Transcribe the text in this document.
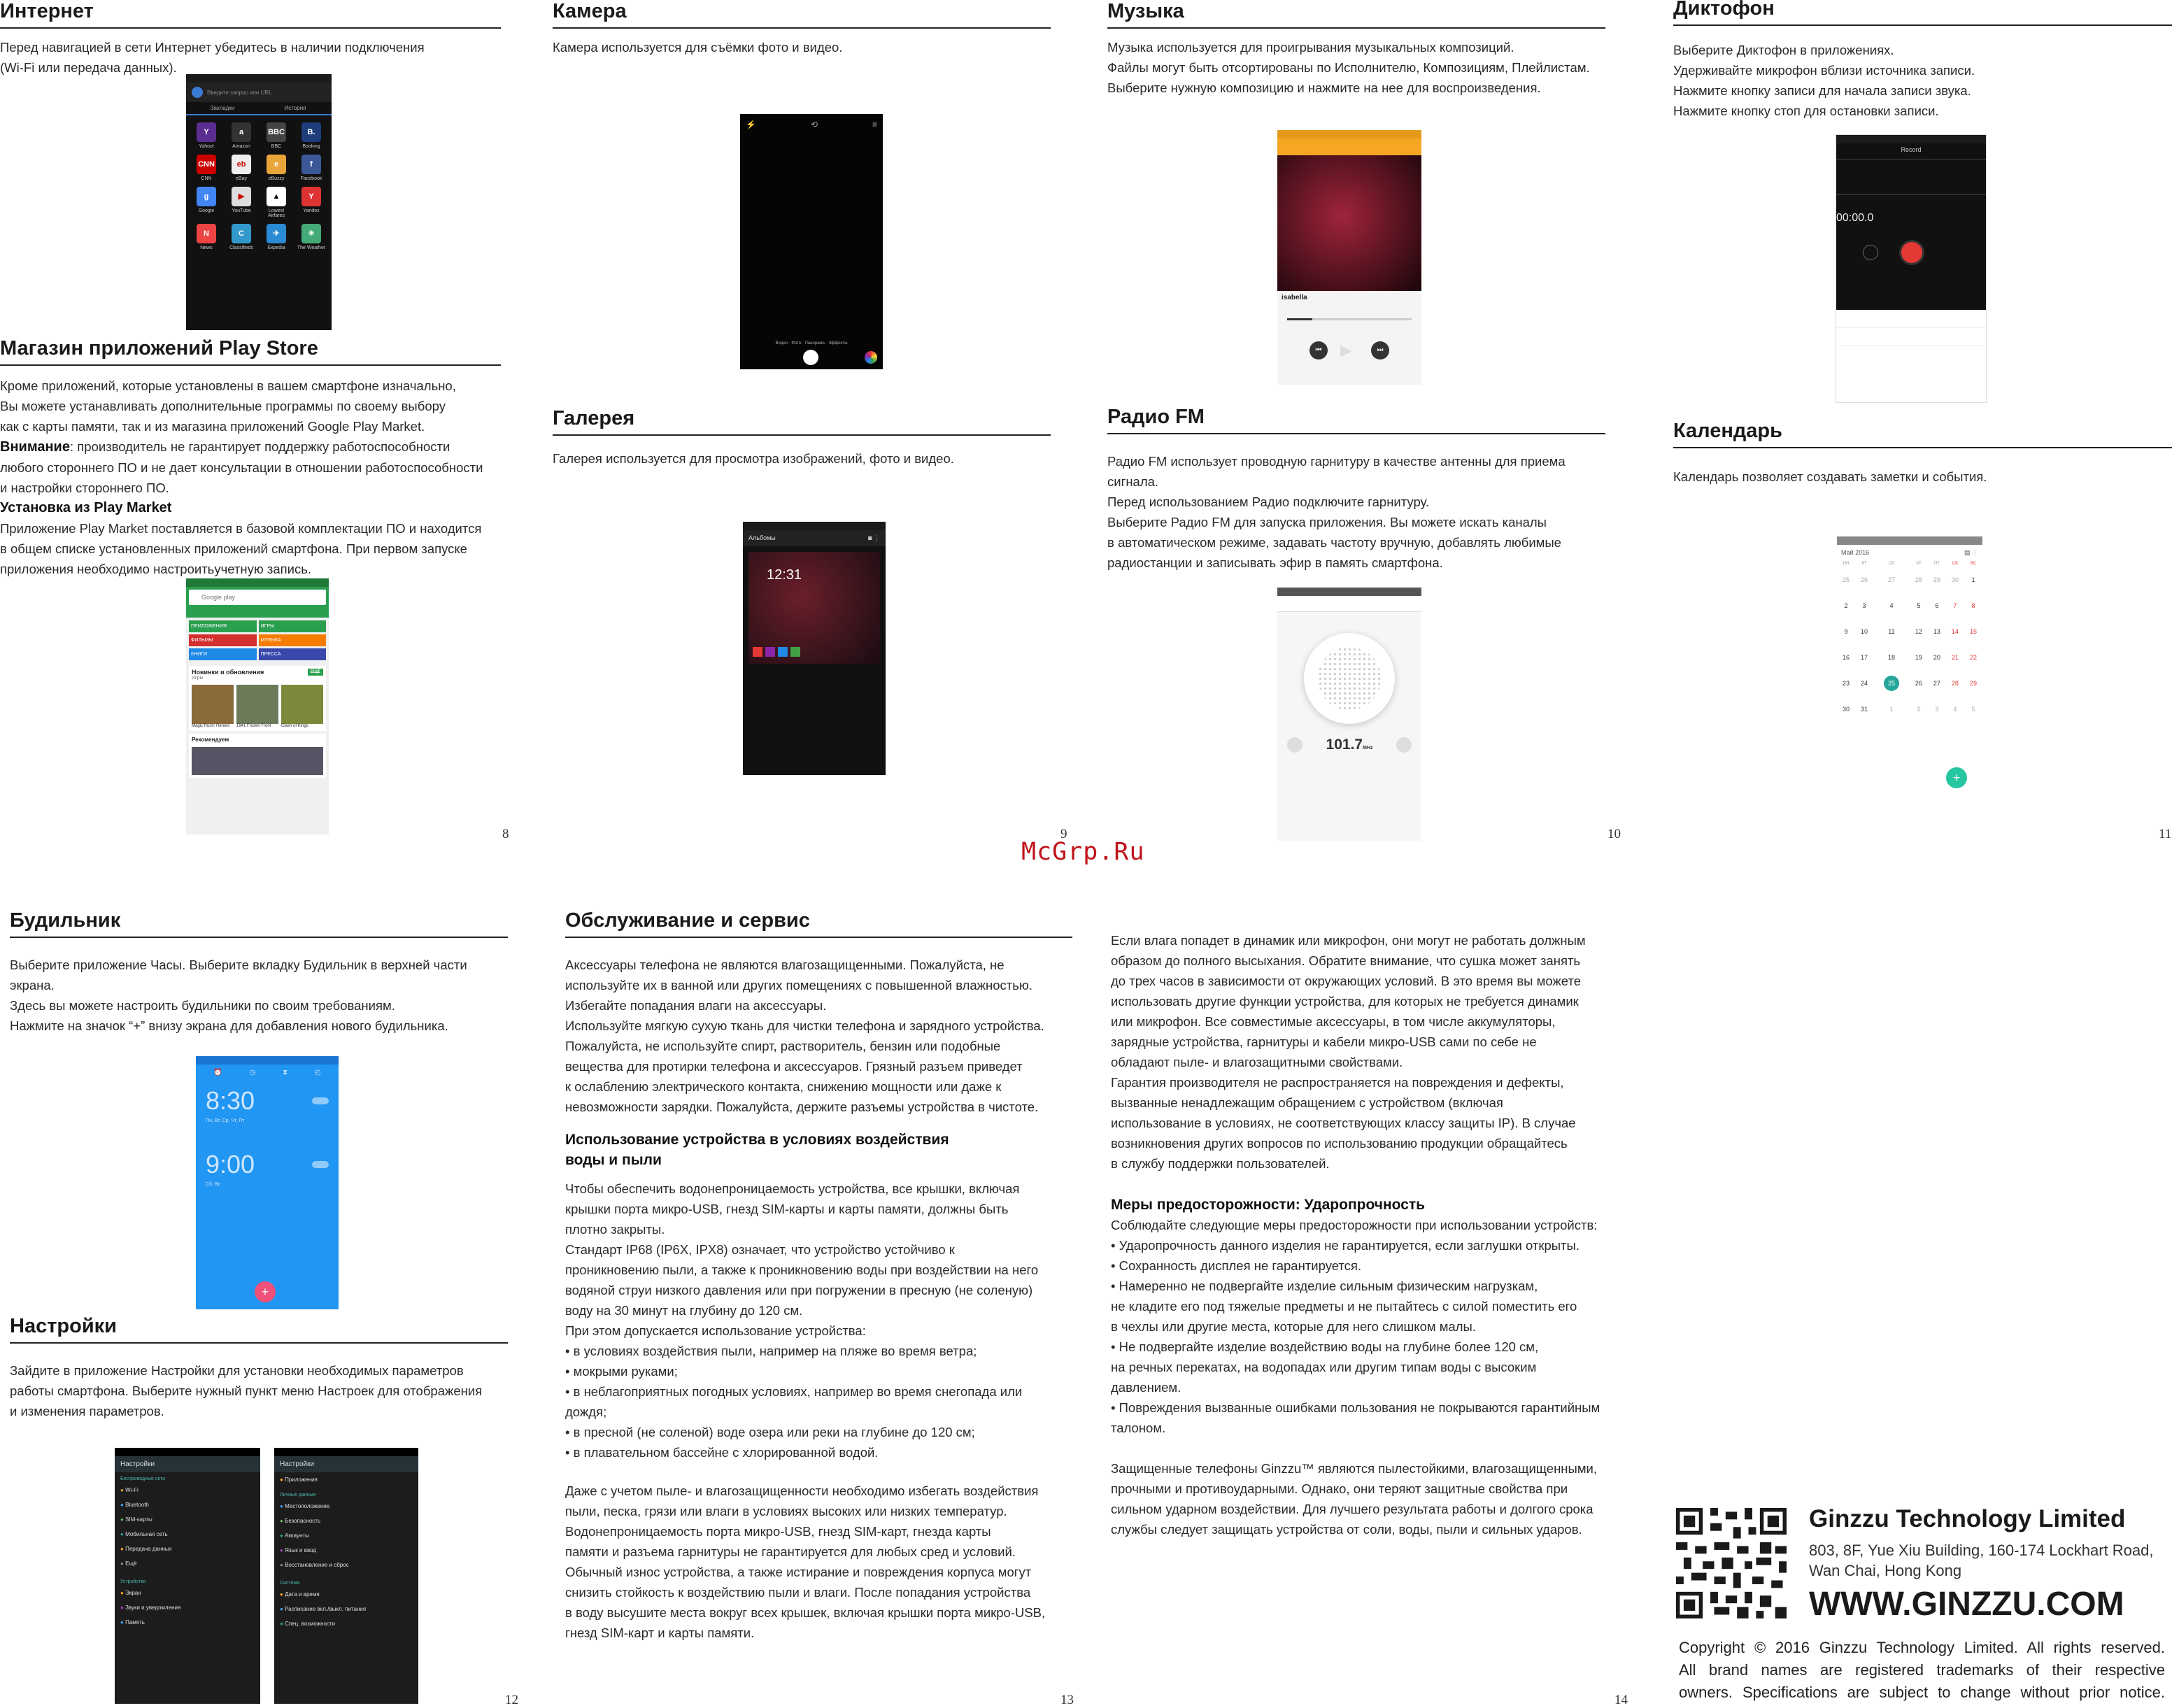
Интернет

Перед навигацией в сети Интернет убедитесь в наличии подключения

(Wi-Fi или передача данных).

Введите запрос или URL
Закладки	История
Y
Yahoo!
a
Amazon
BBC
BBC
B.
Booking
CNN
CNN
eb
eBay
e
eBuzzy
f
Facebook
g
Google
▶
YouTube
▲
Lowest Airfares
Y
Yandex
N
News
C
Classifieds
✈
Expedia
☀
The Weather
Магазин приложений Play Store

Кроме приложений, которые установлены в вашем смартфоне изначально,

Вы можете устанавливать дополнительные программы по своему выбору

как с карты памяти, так и из магазина приложений Google Play Market.

Внимание: производитель не гарантирует поддержку работоспособности

любого стороннего ПО и не дает консультации в отношении работоспособности

и настройки стороннего ПО.

Установка из Play Market

Приложение Play Market поставляется в базовой комплектации ПО и находится

в общем списке установленных приложений смартфона. При первом запуске

приложения необходимо настроитьучетную запись.

Google play
ПРИЛОЖЕНИЯ	ИГРЫ
ФИЛЬМЫ	МУЗЫКА
КНИГИ	ПРЕССА
Новинки и обновления	ЕЩЁ
Игры
Magic Rush: Heroes	1941 Frozen Front	Clash of Kings
Рекомендуем
8
Камера

Камера используется для съёмки фото и видео.

⚡	⟲	≡
Видео · Фото · Панорама · Эффекты
Галерея

Галерея используется для просмотра изображений, фото и видео.

Альбомы	◙ ⋮
12:31
9
Музыка

Музыка используется для проигрывания музыкальных композиций.

Файлы могут быть отсортированы по Исполнителю, Композициям, Плейлистам.

Выберите нужную композицию и нажмите на нее для воспроизведения.

isabella
⏮	▶	⏭
Радио FM

Радио FM использует проводную гарнитуру в качестве антенны для приема

сигнала.

Перед использованием Радио подключите гарнитуру.

Выберите Радио FM для запуска приложения. Вы можете искать каналы

в автоматическом режиме, задавать частоту вручную, добавлять любимые

радиостанции и записывать эфир в память смартфона.

101.7MHz
10
Диктофон

Выберите Диктофон в приложениях.

Удерживайте микрофон вблизи источника записи.

Нажмите кнопку записи для начала записи звука.

Нажмите кнопку стоп для остановки записи.

Record
00:00.0
Календарь

Календарь позволяет создавать заметки и события.

Май 2016	▤ ⋮
ПН	ВТ	СР	ЧТ	ПТ	СБ	ВС
25	26	27	28	29	30	1
2	3	4	5	6	7	8
9	10	11	12	13	14	15
16	17	18	19	20	21	22
23	24	25	26	27	28	29
30	31	1	2	3	4	5
+
11
McGrp.Ru
Будильник

Выберите приложение Часы. Выберите вкладку Будильник в верхней части

экрана.

Здесь вы можете настроить будильники по своим требованиям.

Нажмите на значок “+” внизу экрана для добавления нового будильника.

⏰	◷	⧗	◴
8:30
Пн, Вт, Ср, Чт, Пт
9:00
Сб, Вс
+
Настройки

Зайдите в приложение Настройки для установки необходимых параметров

работы смартфона. Выберите нужный пункт меню Настроек для отображения

и изменения параметров.

Настройки
Беспроводные сети
● Wi-Fi
● Bluetooth
● SIM-карты
● Мобильная сеть
● Передача данных
● Ещё
Устройство
● Экран
● Звуки и уведомления
● Память
Настройки
● Приложения
Личные данные
● Местоположение
● Безопасность
● Аккаунты
● Язык и ввод
● Восстановление и сброс
Система
● Дата и время
● Расписание вкл./выкл. питания
● Спец. возможности
12
Обслуживание и сервис

Аксессуары телефона не являются влагозащищенными. Пожалуйста, не

используйте их в ванной или других помещениях с повышенной влажностью.

Избегайте попадания влаги на аксессуары.

Используйте мягкую сухую ткань для чистки телефона и зарядного устройства.

Пожалуйста, не используйте спирт, растворитель, бензин или подобные

вещества для протирки телефона и аксессуаров. Грязный разъем приведет

к ослаблению электрического контакта, снижению мощности или даже к

невозможности зарядки. Пожалуйста, держите разъемы устройства в чистоте.

Использование устройства в условиях воздействия

воды и пыли

Чтобы обеспечить водонепроницаемость устройства, все крышки, включая

крышки порта микро-USB, гнезд SIM-карты и карты памяти, должны быть

плотно закрыты.

Стандарт IP68 (IP6X, IPX8) означает, что устройство устойчиво к

проникновению пыли, а также к проникновению воды при воздействии на него

водяной струи низкого давления или при погружении в пресную (не соленую)

воду на 30 минут на глубину до 120 см.

При этом допускается использование устройства:

• в условиях воздействия пыли, например на пляже во время ветра;

• мокрыми руками;

• в неблагоприятных погодных условиях, например во время снегопада или

дождя;

• в пресной (не соленой) воде озера или реки на глубине до 120 см;

• в плавательном бассейне с хлорированной водой.

Даже с учетом пыле- и влагозащищенности необходимо избегать воздействия

пыли, песка, грязи или влаги в условиях высоких или низких температур.

Водонепроницаемость порта микро-USB, гнезд SIM-карт, гнезда карты

памяти и разъема гарнитуры не гарантируется для любых сред и условий.

Обычный износ устройства, а также истирание и повреждения корпуса могут

снизить стойкость к воздействию пыли и влаги. После попадания устройства

в воду высушите места вокруг всех крышек, включая крышки порта микро-USB,

гнезд SIM-карт и карты памяти.

13

Если влага попадет в динамик или микрофон, они могут не работать должным

образом до полного высыхания. Обратите внимание, что сушка может занять

до трех часов в зависимости от окружающих условий. В это время вы можете

использовать другие функции устройства, для которых не требуется динамик

или микрофон. Все совместимые аксессуары, в том числе аккумуляторы,

зарядные устройства, гарнитуры и кабели микро-USB сами по себе не

обладают пыле- и влагозащитными свойствами.

Гарантия производителя не распространяется на повреждения и дефекты,

вызванные ненадлежащим обращением с устройством (включая

использование в условиях, не соответствующих классу защиты IP). В случае

возникновения других вопросов по использованию продукции обращайтесь

в службу поддержки пользователей.

Меры предосторожности: Ударопрочность

Соблюдайте следующие меры предосторожности при использовании устройств:

• Ударопрочность данного изделия не гарантируется, если заглушки открыты.

• Сохранность дисплея не гарантируется.

• Намеренно не подвергайте изделие сильным физическим нагрузкам,

не кладите его под тяжелые предметы и не пытайтесь с силой поместить его

в чехлы или другие места, которые для него слишком малы.

• Не подвергайте изделие воздействию воды на глубине более 120 см,

на речных перекатах, на водопадах или другим типам воды с высоким

давлением.

• Повреждения вызванные ошибками пользования не покрываются гарантийным

талоном.

Защищенные телефоны Ginzzu™ являются пылестойкими, влагозащищенными,

прочными и противоударными. Однако, они теряют защитные свойства при

сильном ударном воздействии. Для лучшего результата работы и долгого срока

службы следует защищать устройства от соли, воды, пыли и сильных ударов.

14
Ginzzu Technology Limited
803, 8F, Yue Xiu Building, 160-174 Lockhart Road,
Wan Chai, Hong Kong
WWW.GINZZU.COM
Copyright © 2016 Ginzzu Technology Limited. All rights reserved.
All brand names are registered trademarks of their respective
owners. Specifications are subject to change without prior notice.
